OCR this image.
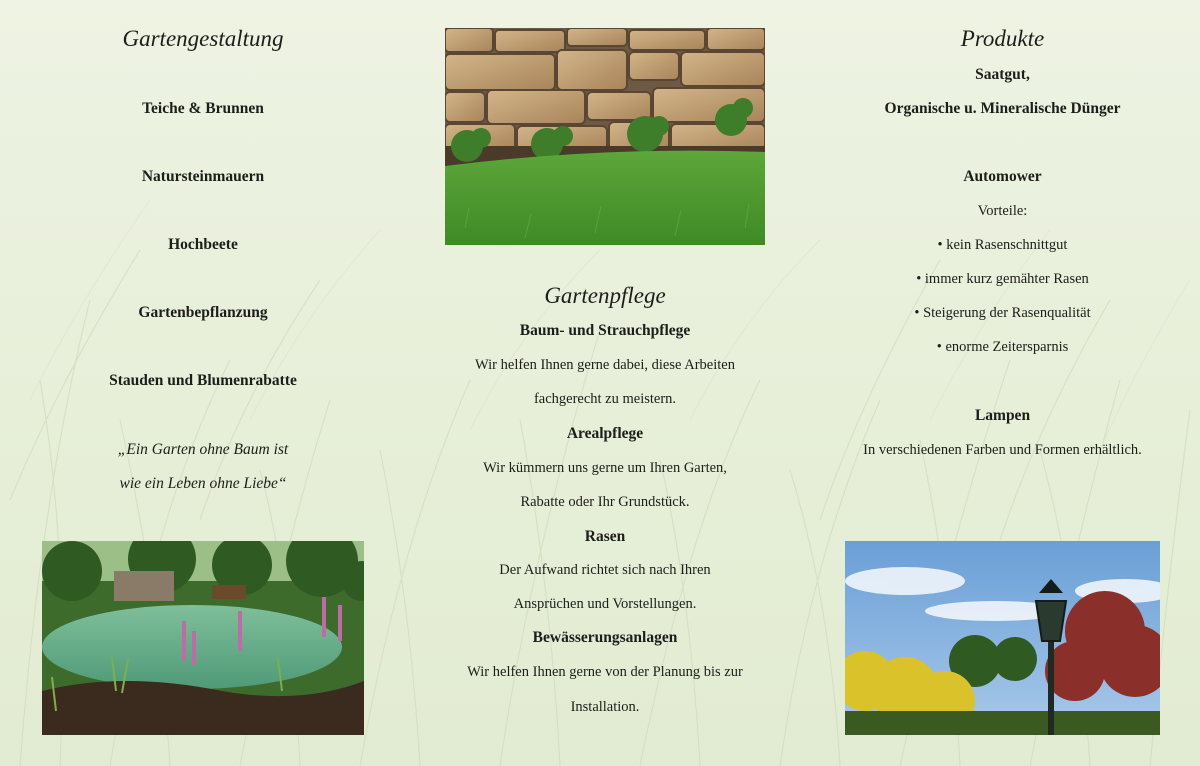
Gartengestaltung
Teiche & Brunnen
Natursteinmauern
Hochbeete
Gartenbepflanzung
Stauden und Blumenrabatte
„Ein Garten ohne Baum ist
wie ein Leben ohne Liebe“
Gartenpflege
Baum- und Strauchpflege
Wir helfen Ihnen gerne dabei, diese Arbeiten
fachgerecht zu meistern.
Arealpflege
Wir kümmern uns gerne um Ihren Garten,
Rabatte oder Ihr Grundstück.
Rasen
Der Aufwand richtet sich nach Ihren
Ansprüchen und Vorstellungen.
Bewässerungsanlagen
Wir helfen Ihnen gerne von der Planung bis zur
Installation.
Produkte
Saatgut,
Organische u. Mineralische Dünger
Automower
Vorteile:
• kein Rasenschnittgut
• immer kurz gemähter Rasen
• Steigerung der Rasenqualität
• enorme Zeitersparnis
Lampen
In verschiedenen Farben und Formen erhältlich.
